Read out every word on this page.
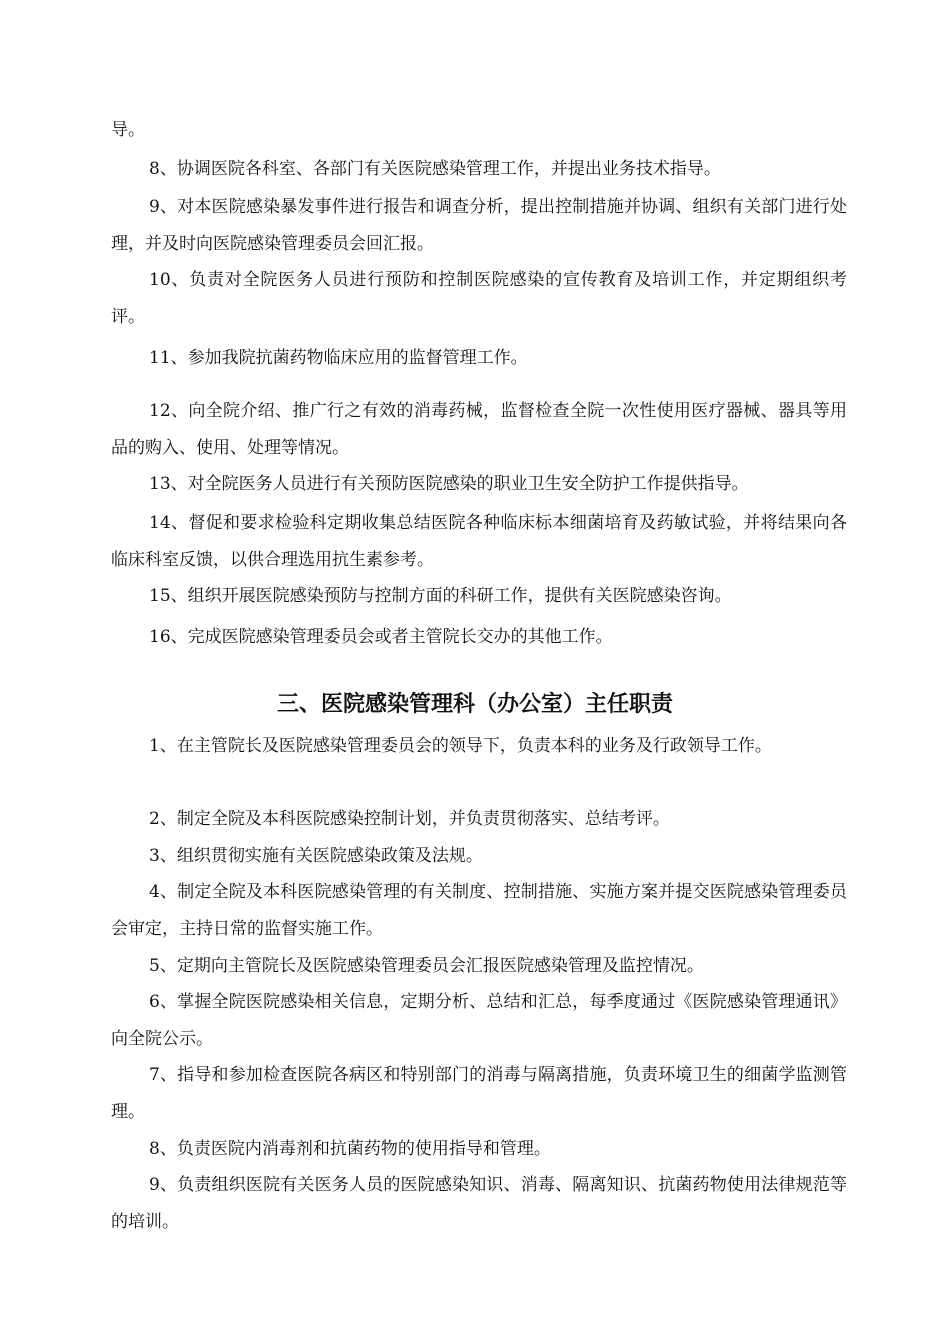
导。

8、协调医院各科室、各部门有关医院感染管理工作，并提出业务技术指导。

9、对本医院感染暴发事件进行报告和调查分析，提出控制措施并协调、组织有关部门进行处理，并及时向医院感染管理委员会回汇报。

10、负责对全院医务人员进行预防和控制医院感染的宣传教育及培训工作，并定期组织考评。

11、参加我院抗菌药物临床应用的监督管理工作。

12、向全院介绍、推广行之有效的消毒药械，监督检查全院一次性使用医疗器械、器具等用品的购入、使用、处理等情况。

13、对全院医务人员进行有关预防医院感染的职业卫生安全防护工作提供指导。

14、督促和要求检验科定期收集总结医院各种临床标本细菌培育及药敏试验，并将结果向各临床科室反馈，以供合理选用抗生素参考。

15、组织开展医院感染预防与控制方面的科研工作，提供有关医院感染咨询。

16、完成医院感染管理委员会或者主管院长交办的其他工作。

三、医院感染管理科（办公室）主任职责

1、在主管院长及医院感染管理委员会的领导下，负责本科的业务及行政领导工作。

2、制定全院及本科医院感染控制计划，并负责贯彻落实、总结考评。

3、组织贯彻实施有关医院感染政策及法规。

4、制定全院及本科医院感染管理的有关制度、控制措施、实施方案并提交医院感染管理委员会审定，主持日常的监督实施工作。

5、定期向主管院长及医院感染管理委员会汇报医院感染管理及监控情况。

6、掌握全院医院感染相关信息，定期分析、总结和汇总，每季度通过《医院感染管理通讯》向全院公示。

7、指导和参加检查医院各病区和特别部门的消毒与隔离措施，负责环境卫生的细菌学监测管理。

8、负责医院内消毒剂和抗菌药物的使用指导和管理。

9、负责组织医院有关医务人员的医院感染知识、消毒、隔离知识、抗菌药物使用法律规范等的培训。
